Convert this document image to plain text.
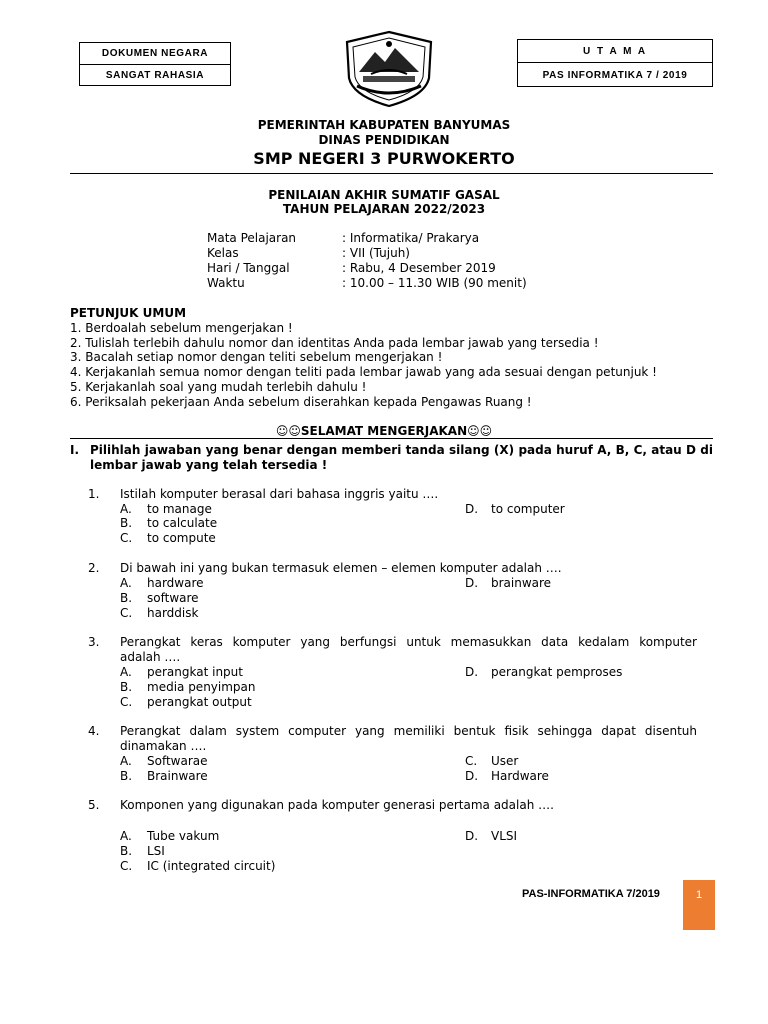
DOKUMEN NEGARA
SANGAT RAHASIA
U T A M A
PAS INFORMATIKA 7 / 2019
PEMERINTAH KABUPATEN BANYUMAS
DINAS PENDIDIKAN
SMP NEGERI 3 PURWOKERTO
PENILAIAN AKHIR SUMATIF GASAL
TAHUN PELAJARAN 2022/2023
Mata Pelajaran	: Informatika/ Prakarya
Kelas	: VII (Tujuh)
Hari / Tanggal	: Rabu, 4 Desember 2019
Waktu	: 10.00 – 11.30 WIB (90 menit)
PETUNJUK UMUM
1. Berdoalah sebelum mengerjakan !
2. Tulislah terlebih dahulu nomor dan identitas Anda pada lembar jawab yang tersedia !
3. Bacalah setiap nomor dengan teliti sebelum mengerjakan !
4. Kerjakanlah semua nomor dengan teliti pada lembar jawab yang ada sesuai dengan petunjuk !
5. Kerjakanlah soal yang mudah terlebih dahulu !
6. Periksalah pekerjaan Anda sebelum diserahkan kepada Pengawas Ruang !
☺☺SELAMAT MENGERJAKAN☺☺
I. Pilihlah jawaban yang benar dengan memberi tanda silang (X) pada huruf A, B, C, atau D di
lembar jawab yang telah tersedia !
1. Istilah komputer berasal dari bahasa inggris yaitu ….
A. to manage
B. to calculate
C. to compute
D. to computer
2. Di bawah ini yang bukan termasuk elemen – elemen komputer adalah ….
A. hardware
B. software
C. harddisk
D. brainware
3. Perangkat keras komputer yang berfungsi untuk memasukkan data kedalam komputer
adalah ….
A. perangkat input
B. media penyimpan
C. perangkat output
D. perangkat pemproses
4. Perangkat dalam system computer yang memiliki bentuk fisik sehingga dapat disentuh
dinamakan ….
A. Softwarae
B. Brainware
C. User
D. Hardware
5. Komponen yang digunakan pada komputer generasi pertama adalah ….
A. Tube vakum
B. LSI
C. IC (integrated circuit)
D. VLSI
PAS-INFORMATIKA 7/2019	1
